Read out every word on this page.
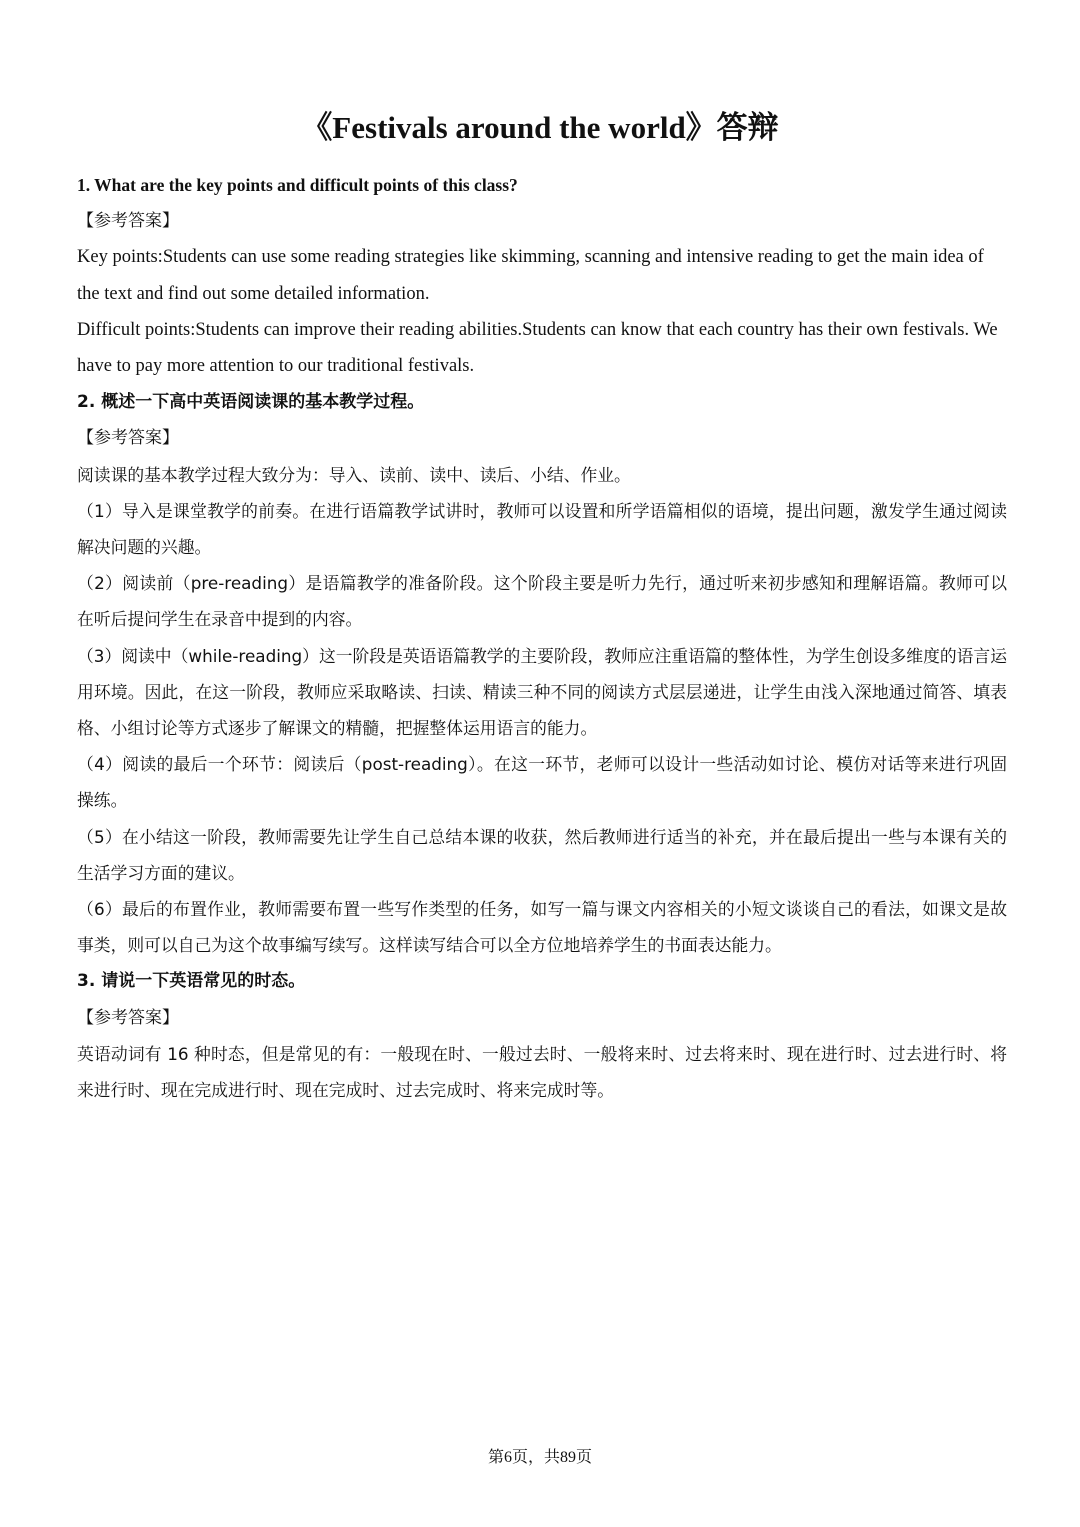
《Festivals around the world》答辩

1. What are the key points and difficult points of this class?

【参考答案】

Key points:Students can use some reading strategies like skimming, scanning and intensive reading to get the main idea of the text and find out some detailed information.

Difficult points:Students can improve their reading abilities.Students can know that each country has their own festivals. We have to pay more attention to our traditional festivals.

2. 概述一下高中英语阅读课的基本教学过程。

【参考答案】

阅读课的基本教学过程大致分为：导入、读前、读中、读后、小结、作业。

（1）导入是课堂教学的前奏。在进行语篇教学试讲时，教师可以设置和所学语篇相似的语境，提出问题，激发学生通过阅读解决问题的兴趣。

（2）阅读前（pre-reading）是语篇教学的准备阶段。这个阶段主要是听力先行，通过听来初步感知和理解语篇。教师可以在听后提问学生在录音中提到的内容。

（3）阅读中（while-reading）这一阶段是英语语篇教学的主要阶段，教师应注重语篇的整体性，为学生创设多维度的语言运用环境。因此，在这一阶段，教师应采取略读、扫读、精读三种不同的阅读方式层层递进，让学生由浅入深地通过简答、填表格、小组讨论等方式逐步了解课文的精髓，把握整体运用语言的能力。

（4）阅读的最后一个环节：阅读后（post-reading）。在这一环节，老师可以设计一些活动如讨论、模仿对话等来进行巩固操练。

（5）在小结这一阶段，教师需要先让学生自己总结本课的收获，然后教师进行适当的补充，并在最后提出一些与本课有关的生活学习方面的建议。

（6）最后的布置作业，教师需要布置一些写作类型的任务，如写一篇与课文内容相关的小短文谈谈自己的看法，如课文是故事类，则可以自己为这个故事编写续写。这样读写结合可以全方位地培养学生的书面表达能力。

3. 请说一下英语常见的时态。

【参考答案】

英语动词有 16 种时态，但是常见的有：一般现在时、一般过去时、一般将来时、过去将来时、现在进行时、过去进行时、将来进行时、现在完成进行时、现在完成时、过去完成时、将来完成时等。

第6页，共89页
